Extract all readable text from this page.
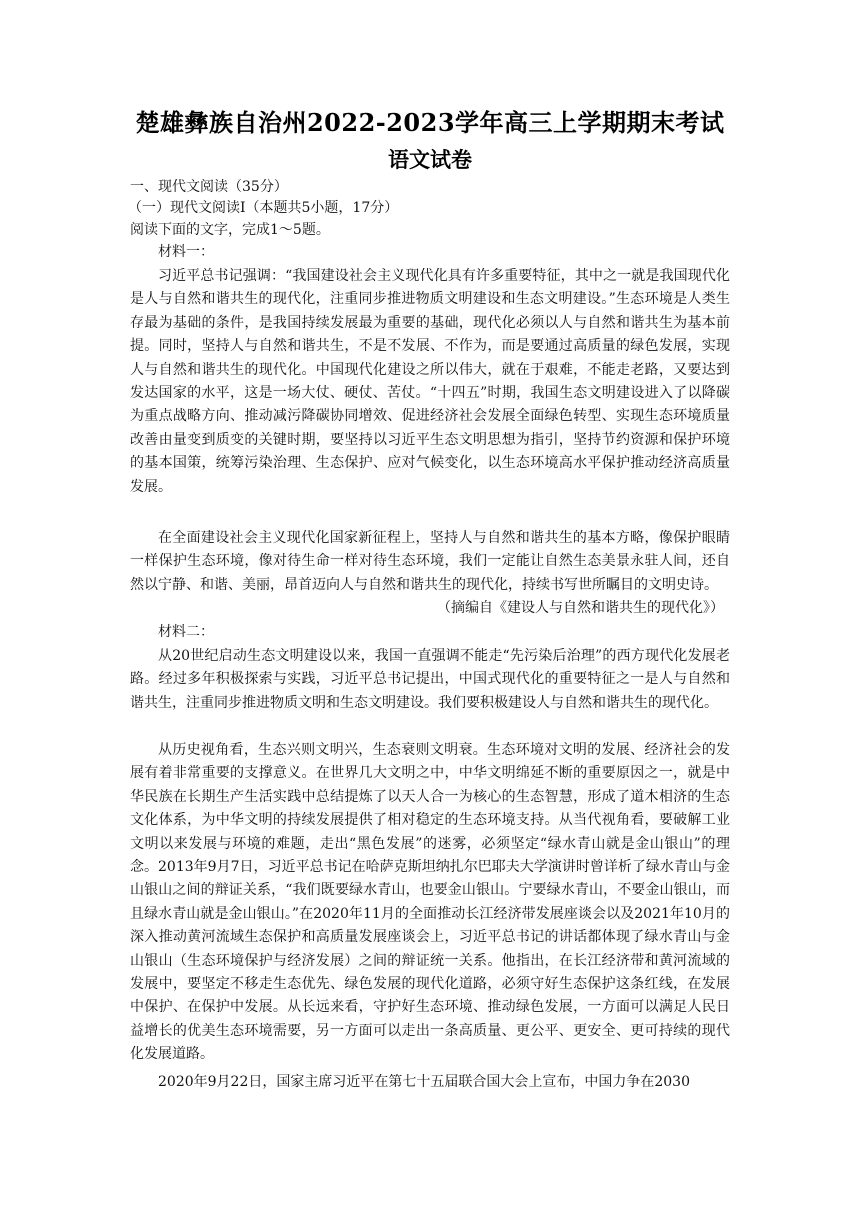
楚雄彝族自治州2022-2023学年高三上学期期末考试
语文试卷
一、现代文阅读（35分）
（一）现代文阅读Ⅰ（本题共5小题，17分）
阅读下面的文字，完成1～5题。
材料一：
习近平总书记强调：“我国建设社会主义现代化具有许多重要特征，其中之一就是我国现代化是人与自然和谐共生的现代化，注重同步推进物质文明建设和生态文明建设。”生态环境是人类生存最为基础的条件，是我国持续发展最为重要的基础，现代化必须以人与自然和谐共生为基本前提。同时，坚持人与自然和谐共生，不是不发展、不作为，而是要通过高质量的绿色发展，实现人与自然和谐共生的现代化。中国现代化建设之所以伟大，就在于艰难，不能走老路，又要达到发达国家的水平，这是一场大仗、硬仗、苦仗。“十四五”时期，我国生态文明建设进入了以降碳为重点战略方向、推动减污降碳协同增效、促进经济社会发展全面绿色转型、实现生态环境质量改善由量变到质变的关键时期，要坚持以习近平生态文明思想为指引，坚持节约资源和保护环境的基本国策，统筹污染治理、生态保护、应对气候变化，以生态环境高水平保护推动经济高质量发展。
在全面建设社会主义现代化国家新征程上，坚持人与自然和谐共生的基本方略，像保护眼睛一样保护生态环境，像对待生命一样对待生态环境，我们一定能让自然生态美景永驻人间，还自然以宁静、和谐、美丽，昂首迈向人与自然和谐共生的现代化，持续书写世所瞩目的文明史诗。
（摘编自《建设人与自然和谐共生的现代化》）
材料二：
从20世纪启动生态文明建设以来，我国一直强调不能走“先污染后治理”的西方现代化发展老路。经过多年积极探索与实践，习近平总书记提出，中国式现代化的重要特征之一是人与自然和谐共生，注重同步推进物质文明和生态文明建设。我们要积极建设人与自然和谐共生的现代化。
从历史视角看，生态兴则文明兴，生态衰则文明衰。生态环境对文明的发展、经济社会的发展有着非常重要的支撑意义。在世界几大文明之中，中华文明绵延不断的重要原因之一，就是中华民族在长期生产生活实践中总结提炼了以天人合一为核心的生态智慧，形成了道木相济的生态文化体系，为中华文明的持续发展提供了相对稳定的生态环境支持。从当代视角看，要破解工业文明以来发展与环境的难题，走出“黑色发展”的迷雾，必须坚定“绿水青山就是金山银山”的理念。2013年9月7日，习近平总书记在哈萨克斯坦纳扎尔巴耶夫大学演讲时曾详析了绿水青山与金山银山之间的辩证关系，“我们既要绿水青山，也要金山银山。宁要绿水青山，不要金山银山，而且绿水青山就是金山银山。”在2020年11月的全面推动长江经济带发展座谈会以及2021年10月的深入推动黄河流域生态保护和高质量发展座谈会上，习近平总书记的讲话都体现了绿水青山与金山银山（生态环境保护与经济发展）之间的辩证统一关系。他指出，在长江经济带和黄河流域的发展中，要坚定不移走生态优先、绿色发展的现代化道路，必须守好生态保护这条红线，在发展中保护、在保护中发展。从长远来看，守护好生态环境、推动绿色发展，一方面可以满足人民日益增长的优美生态环境需要，另一方面可以走出一条高质量、更公平、更安全、更可持续的现代化发展道路。
2020年9月22日，国家主席习近平在第七十五届联合国大会上宣布，中国力争在2030
